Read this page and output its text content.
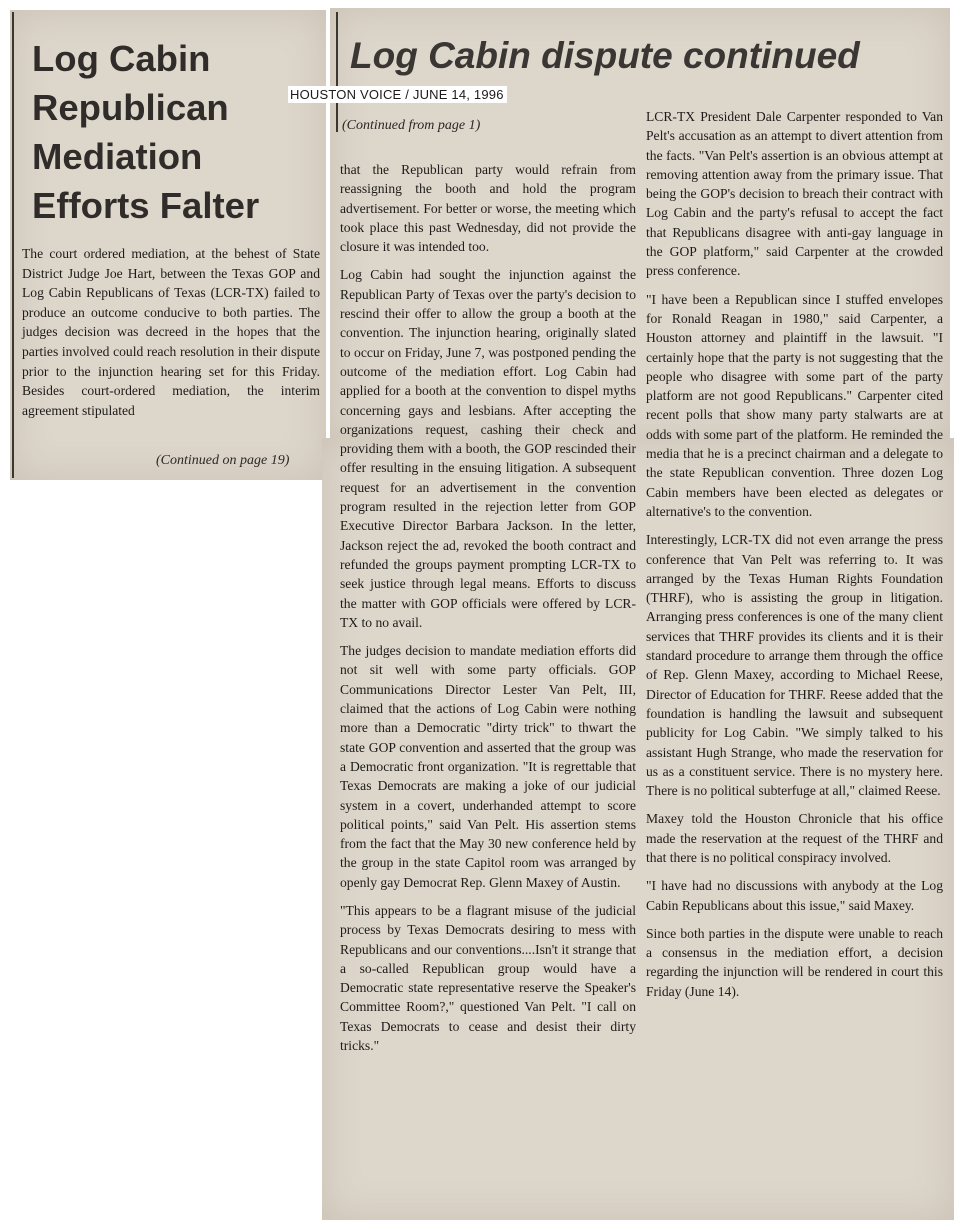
Log Cabin Republican Mediation Efforts Falter

The court ordered mediation, at the behest of State District Judge Joe Hart, between the Texas GOP and Log Cabin Republicans of Texas (LCR-TX) failed to produce an outcome conducive to both parties. The judges decision was decreed in the hopes that the parties involved could reach resolution in their dispute prior to the injunction hearing set for this Friday. Besides court-ordered mediation, the interim agreement stipulated

(Continued on page 19)
HOUSTON VOICE / JUNE 14, 1996
Log Cabin dispute continued
(Continued from page 1)

that the Republican party would refrain from reassigning the booth and hold the program advertisement. For better or worse, the meeting which took place this past Wednesday, did not provide the closure it was intended too.

Log Cabin had sought the injunction against the Republican Party of Texas over the party's decision to rescind their offer to allow the group a booth at the convention. The injunction hearing, originally slated to occur on Friday, June 7, was postponed pending the outcome of the mediation effort. Log Cabin had applied for a booth at the convention to dispel myths concerning gays and lesbians. After accepting the organizations request, cashing their check and providing them with a booth, the GOP rescinded their offer resulting in the ensuing litigation. A subsequent request for an advertisement in the convention program resulted in the rejection letter from GOP Executive Director Barbara Jackson. In the letter, Jackson reject the ad, revoked the booth contract and refunded the groups payment prompting LCR-TX to seek justice through legal means. Efforts to discuss the matter with GOP officials were offered by LCR-TX to no avail.

The judges decision to mandate mediation efforts did not sit well with some party officials. GOP Communications Director Lester Van Pelt, III, claimed that the actions of Log Cabin were nothing more than a Democratic "dirty trick" to thwart the state GOP convention and asserted that the group was a Democratic front organization. "It is regrettable that Texas Democrats are making a joke of our judicial system in a covert, underhanded attempt to score political points," said Van Pelt. His assertion stems from the fact that the May 30 new conference held by the group in the state Capitol room was arranged by openly gay Democrat Rep. Glenn Maxey of Austin.

"This appears to be a flagrant misuse of the judicial process by Texas Democrats desiring to mess with Republicans and our conventions....Isn't it strange that a so-called Republican group would have a Democratic state representative reserve the Speaker's Committee Room?," questioned Van Pelt. "I call on Texas Democrats to cease and desist their dirty tricks."

LCR-TX President Dale Carpenter responded to Van Pelt's accusation as an attempt to divert attention from the facts. "Van Pelt's assertion is an obvious attempt at removing attention away from the primary issue. That being the GOP's decision to breach their contract with Log Cabin and the party's refusal to accept the fact that Republicans disagree with anti-gay language in the GOP platform," said Carpenter at the crowded press conference.

"I have been a Republican since I stuffed envelopes for Ronald Reagan in 1980," said Carpenter, a Houston attorney and plaintiff in the lawsuit. "I certainly hope that the party is not suggesting that the people who disagree with some part of the party platform are not good Republicans." Carpenter cited recent polls that show many party stalwarts are at odds with some part of the platform. He reminded the media that he is a precinct chairman and a delegate to the state Republican convention. Three dozen Log Cabin members have been elected as delegates or alternative's to the convention.

Interestingly, LCR-TX did not even arrange the press conference that Van Pelt was referring to. It was arranged by the Texas Human Rights Foundation (THRF), who is assisting the group in litigation. Arranging press conferences is one of the many client services that THRF provides its clients and it is their standard procedure to arrange them through the office of Rep. Glenn Maxey, according to Michael Reese, Director of Education for THRF. Reese added that the foundation is handling the lawsuit and subsequent publicity for Log Cabin. "We simply talked to his assistant Hugh Strange, who made the reservation for us as a constituent service. There is no mystery here. There is no political subterfuge at all," claimed Reese.

Maxey told the Houston Chronicle that his office made the reservation at the request of the THRF and that there is no political conspiracy involved.

"I have had no discussions with anybody at the Log Cabin Republicans about this issue," said Maxey.

Since both parties in the dispute were unable to reach a consensus in the mediation effort, a decision regarding the injunction will be rendered in court this Friday (June 14).
